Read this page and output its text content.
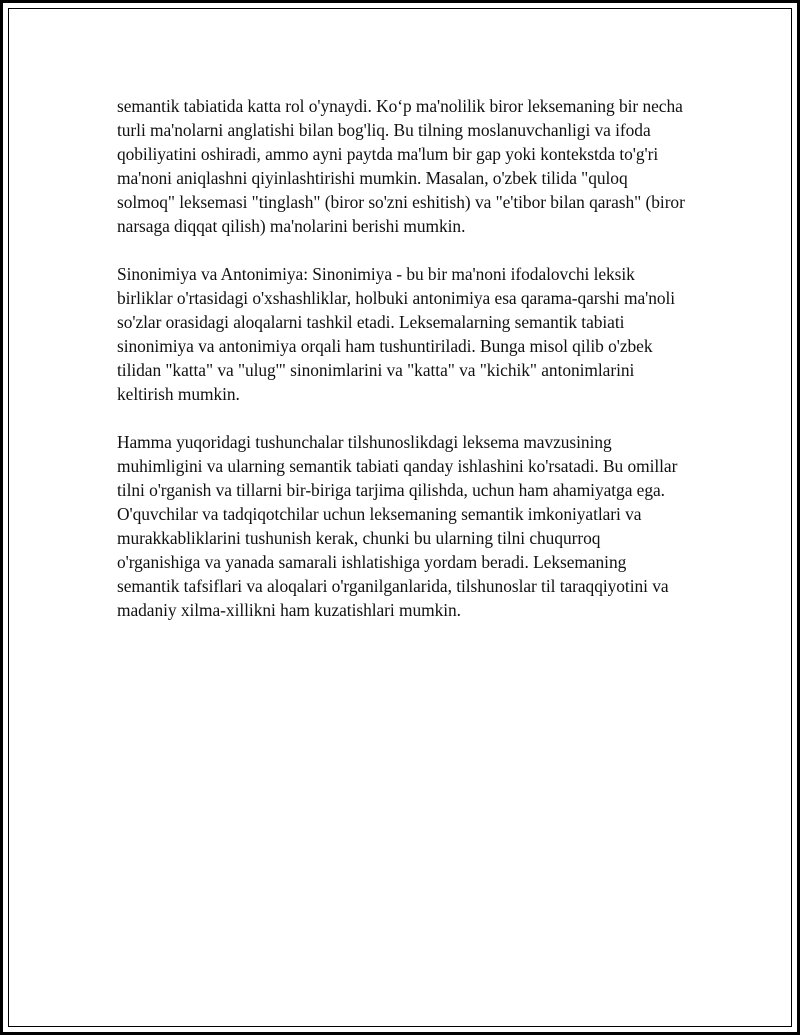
semantik tabiatida katta rol o'ynaydi. Koʻp ma'nolilik biror leksemaning bir necha turli ma'nolarni anglatishi bilan bog'liq. Bu tilning moslanuvchanligi va ifoda qobiliyatini oshiradi, ammo ayni paytda ma'lum bir gap yoki kontekstda to'g'ri ma'noni aniqlashni qiyinlashtirishi mumkin. Masalan, o'zbek tilida "quloq solmoq" leksemasi "tinglash" (biror so'zni eshitish) va "e'tibor bilan qarash" (biror narsaga diqqat qilish) ma'nolarini berishi mumkin.

Sinonimiya va Antonimiya: Sinonimiya - bu bir ma'noni ifodalovchi leksik birliklar o'rtasidagi o'xshashliklar, holbuki antonimiya esa qarama-qarshi ma'noli so'zlar orasidagi aloqalarni tashkil etadi. Leksemalarning semantik tabiati sinonimiya va antonimiya orqali ham tushuntiriladi. Bunga misol qilib o'zbek tilidan "katta" va "ulug'" sinonimlarini va "katta" va "kichik" antonimlarini keltirish mumkin.

Hamma yuqoridagi tushunchalar tilshunoslikdagi leksema mavzusining muhimligini va ularning semantik tabiati qanday ishlashini ko'rsatadi. Bu omillar tilni o'rganish va tillarni bir-biriga tarjima qilishda, uchun ham ahamiyatga ega. O'quvchilar va tadqiqotchilar uchun leksemaning semantik imkoniyatlari va murakkabliklarini tushunish kerak, chunki bu ularning tilni chuqurroq o'rganishiga va yanada samarali ishlatishiga yordam beradi. Leksemaning semantik tafsiflari va aloqalari o'rganilganlarida, tilshunoslar til taraqqiyotini va madaniy xilma-xillikni ham kuzatishlari mumkin.
